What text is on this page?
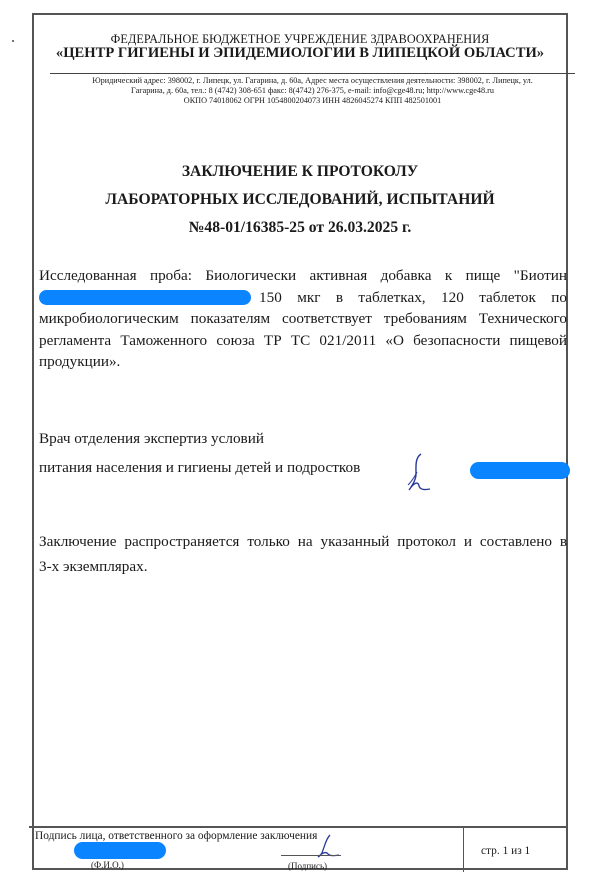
ФЕДЕРАЛЬНОЕ БЮДЖЕТНОЕ УЧРЕЖДЕНИЕ ЗДРАВООХРАНЕНИЯ
«ЦЕНТР ГИГИЕНЫ И ЭПИДЕМИОЛОГИИ В ЛИПЕЦКОЙ ОБЛАСТИ»
Юридический адрес: 398002, г. Липецк, ул. Гагарина, д. 60а, Адрес места осуществления деятельности: 398002, г. Липецк, ул.
Гагарина, д. 60а, тел.: 8 (4742) 308-651 факс: 8(4742) 276-375, e-mail: info@cge48.ru; http://www.cge48.ru
ОКПО 74018062 ОГРН 1054800204073 ИНН 4826045274 КПП 482501001
ЗАКЛЮЧЕНИЕ К ПРОТОКОЛУ
ЛАБОРАТОРНЫХ ИССЛЕДОВАНИЙ, ИСПЫТАНИЙ
№48-01/16385-25 от 26.03.2025 г.
Исследованная проба: Биологически активная добавка к пище "Биотин
150 мкг в таблетках, 120 таблеток по
микробиологическим показателям соответствует требованиям Технического
регламента Таможенного союза ТР ТС 021/2011 «О безопасности пищевой
продукции».
Врач отделения экспертиз условий
питания населения и гигиены детей и подростков
Заключение распространяется только на указанный протокол и составлено в
3-х экземплярах.
Подпись лица, ответственного за оформление заключения
(Ф.И.О.)	(Подпись)
стр. 1 из 1
